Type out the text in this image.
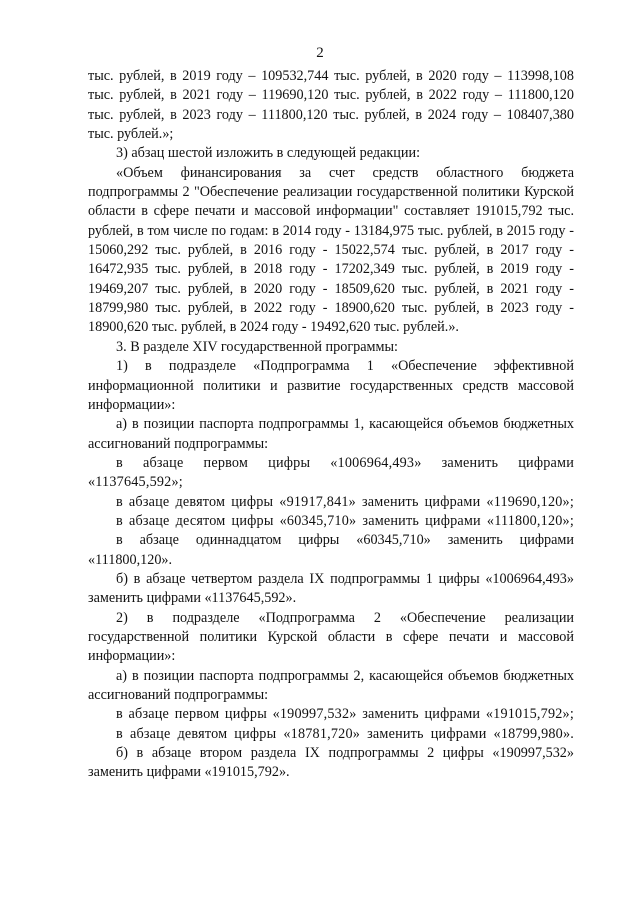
2

тыс. рублей, в 2019 году – 109532,744 тыс. рублей, в 2020 году – 113998,108 тыс. рублей, в 2021 году – 119690,120 тыс. рублей, в 2022 году – 111800,120 тыс. рублей, в 2023 году – 111800,120 тыс. рублей, в 2024 году – 108407,380 тыс. рублей.»;

3) абзац шестой изложить в следующей редакции:

«Объем финансирования за счет средств областного бюджета подпрограммы 2 "Обеспечение реализации государственной политики Курской области в сфере печати и массовой информации" составляет 191015,792 тыс. рублей, в том числе по годам: в 2014 году - 13184,975 тыс. рублей, в 2015 году - 15060,292 тыс. рублей, в 2016 году - 15022,574 тыс. рублей, в 2017 году - 16472,935 тыс. рублей, в 2018 году - 17202,349 тыс. рублей, в 2019 году - 19469,207 тыс. рублей, в 2020 году - 18509,620 тыс. рублей, в 2021 году - 18799,980 тыс. рублей, в 2022 году - 18900,620 тыс. рублей, в 2023 году - 18900,620 тыс. рублей, в 2024 году - 19492,620 тыс. рублей.».

3. В разделе XIV государственной программы:

1) в подразделе «Подпрограмма 1 «Обеспечение эффективной информационной политики и развитие государственных средств массовой информации»:

а) в позиции паспорта подпрограммы 1, касающейся объемов бюджетных ассигнований подпрограммы:

в абзаце первом цифры «1006964,493» заменить цифрами «1137645,592»;

в абзаце девятом цифры «91917,841» заменить цифрами «119690,120»;

в абзаце десятом цифры «60345,710» заменить цифрами «111800,120»;

в абзаце одиннадцатом цифры «60345,710» заменить цифрами «111800,120».

б) в абзаце четвертом раздела IX подпрограммы 1 цифры «1006964,493» заменить цифрами «1137645,592».

2) в подразделе «Подпрограмма 2 «Обеспечение реализации государственной политики Курской области в сфере печати и массовой информации»:

а) в позиции паспорта подпрограммы 2, касающейся объемов бюджетных ассигнований подпрограммы:

в абзаце первом цифры «190997,532» заменить цифрами «191015,792»;

в абзаце девятом цифры «18781,720» заменить цифрами «18799,980».

б) в абзаце втором раздела IX подпрограммы 2 цифры «190997,532» заменить цифрами «191015,792».
